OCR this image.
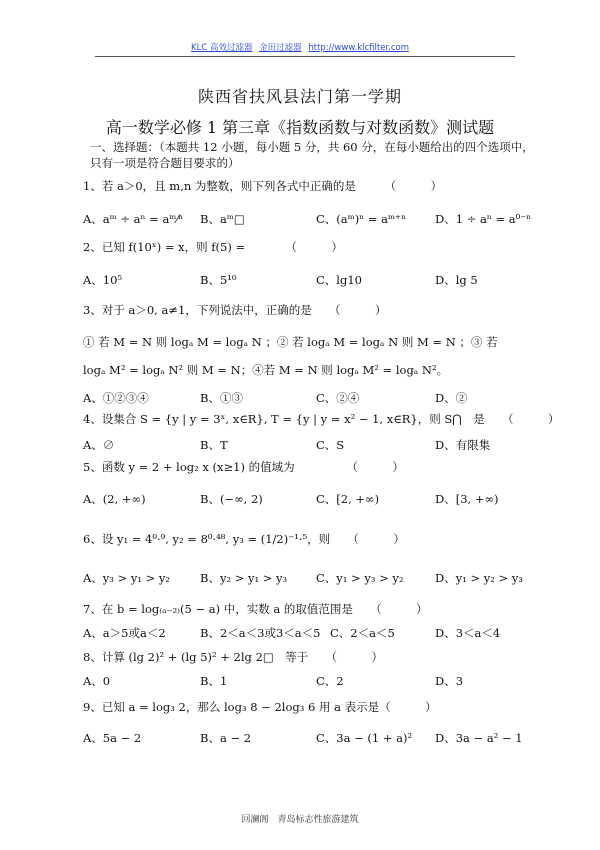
KLC 高效过滤器 金田过滤器 http://www.klcfilter.com
陕西省扶风县法门第一学期
高一数学必修 1 第三章《指数函数与对数函数》测试题
一、选择题：（本题共 12 小题，每小题 5 分，共 60 分，在每小题给出的四个选项中，
只有一项是符合题目要求的）
1、若 a＞0，且 m,n 为整数，则下列各式中正确的是　　　（　　　）
A、aᵐ ÷ aⁿ = aᵐ⁄ⁿ B、aᵐ□	C、(aᵐ)ⁿ = aᵐ⁺ⁿ	D、1 ÷ aⁿ = a⁰⁻ⁿ
2、已知 f(10ˣ) = x，则 f(5) =　　　　（　　　）
A、10⁵	B、5¹⁰	C、lg10	D、lg 5
3、对于 a＞0, a≠1，下列说法中，正确的是　　（　　　）
① 若 M = N 则 logₐ M = logₐ N ；② 若 logₐ M = logₐ N 则 M = N ；③ 若
logₐ M² = logₐ N² 则 M = N；④若 M = N 则 logₐ M² = logₐ N²。
A、①②③④	B、①③	C、②④	D、②
4、设集合 S = {y | y = 3ˣ, x∈R}, T = {y | y = x² − 1, x∈R}，则 S⋂　是　　（　　　）
A、∅	B、T	C、S	D、有限集
5、函数 y = 2 + log₂ x (x≥1) 的值域为　　　　　（　　　）
A、(2, +∞)	B、(−∞, 2)	C、[2, +∞)	D、[3, +∞)
6、设 y₁ = 4⁰·⁹, y₂ = 8⁰·⁴⁸, y₃ = (1/2)⁻¹·⁵，则　　（　　　）
A、y₃ > y₁ > y₂	B、y₂ > y₁ > y₃	C、y₁ > y₃ > y₂	D、y₁ > y₂ > y₃
7、在 b = log₍ₐ₋₂₎(5 − a) 中，实数 a 的取值范围是　　（　　　）
A、a＞5或a＜2	B、2＜a＜3或3＜a＜5 C、2＜a＜5	D、3＜a＜4
8、计算 (lg 2)² + (lg 5)² + 2lg 2□　等于　　（　　　）
A、0	B、1	C、2	D、3
9、已知 a = log₃ 2，那么 log₃ 8 − 2log₃ 6 用 a 表示是（　　　）
A、5a − 2	B、a − 2	C、3a − (1 + a)² D、3a − a² − 1
回澜阁　青岛标志性旅游建筑
